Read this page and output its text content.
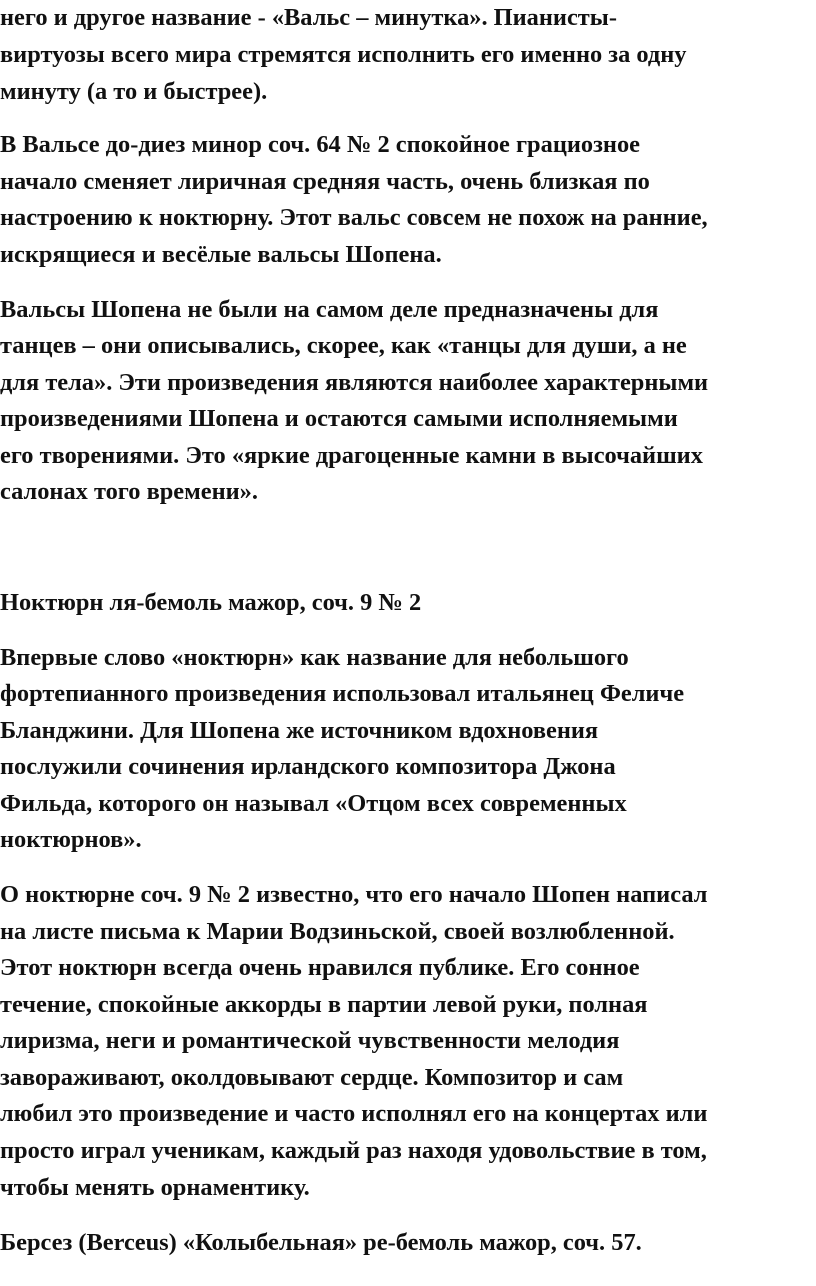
него и другое название - «Вальс – минутка». Пианисты-
виртуозы всего мира стремятся исполнить его именно за одну
минуту (а то и быстрее).
В Вальсе до-диез минор соч. 64 № 2 спокойное грациозное
начало сменяет лиричная средняя часть, очень близкая по
настроению к ноктюрну. Этот вальс совсем не похож на ранние,
искрящиеся и весёлые вальсы Шопена.
Вальсы Шопена не были на самом деле предназначены для
танцев – они описывались, скорее, как «танцы для души, а не
для тела». Эти произведения являются наиболее характерными
произведениями Шопена и остаются самыми исполняемыми
его творениями. Это «яркие драгоценные камни в высочайших
салонах того времени».
Ноктюрн ля-бемоль мажор, соч. 9 № 2
Впервые слово «ноктюрн» как название для небольшого
фортепианного произведения использовал итальянец Феличе
Бланджини. Для Шопена же источником вдохновения
послужили сочинения ирландского композитора Джона
Фильда, которого он называл «Отцом всех современных
ноктюрнов».
О ноктюрне соч. 9 № 2 известно, что его начало Шопен написал
на листе письма к Марии Водзиньской, своей возлюбленной.
Этот ноктюрн всегда очень нравился публике. Его сонное
течение, спокойные аккорды в партии левой руки, полная
лиризма, неги и романтической чувственности мелодия
завораживают, околдовывают сердце. Композитор и сам
любил это произведение и часто исполнял его на концертах или
просто играл ученикам, каждый раз находя удовольствие в том,
чтобы менять орнаментику.
Берсез (Berceus) «Колыбельная» ре-бемоль мажор, соч. 57.
